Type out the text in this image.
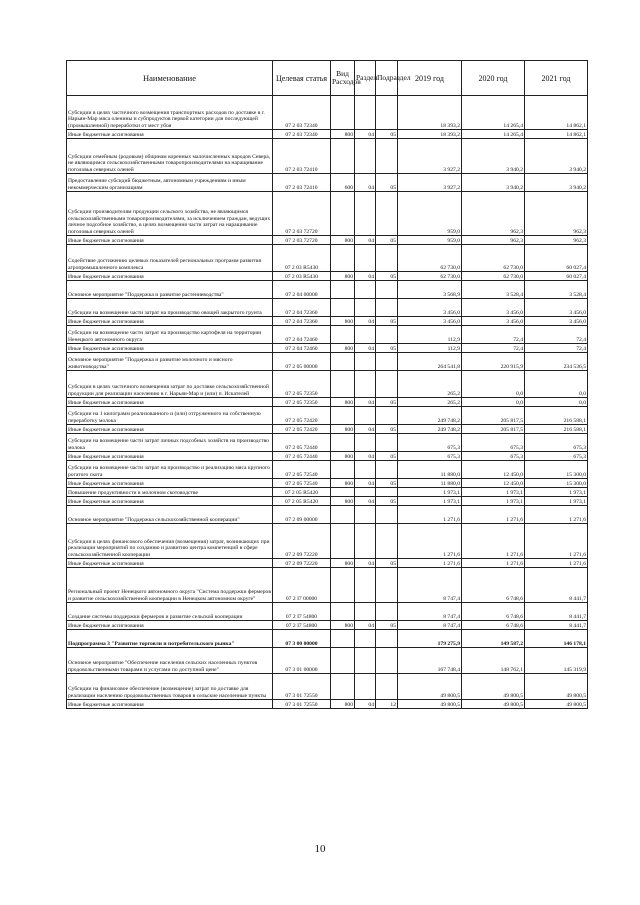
Наименование	Целевая статья	Вид Расходов	Раздел	Подраздел	2019 год	2020 год	2021 год
Субсидии в целях частичного возмещения транспортных расходов по доставке в г. Нарьян-Мар мяса оленины и субпродуктов первой категории для последующей (промышленной) переработки от мест убоя	07 2 03 72340				18 393,2	14 265,4	14 862,1
Иные бюджетные ассигнования	07 2 03 72340	800	04	05	18 393,2	14 265,4	14 862,1
Субсидии семейным (родовым) общинам коренных малочисленных народов Севера, не являющимся сельскохозяйственными товаропроизводителями на наращивание поголовья северных оленей	07 2 03 72410				3 927,2	3 940,2	3 940,2
Предоставление субсидий бюджетным, автономным учреждениям и иным некоммерческим организациям	07 2 03 72410	600	04	05	3 927,2	3 940,2	3 940,2
Субсидии производителям продукции сельского хозяйства, не являющимся сельскохозяйственными товаропроизводителями, за исключением граждан, ведущих личное подсобное хозяйство, в целях возмещения части затрат на наращивание поголовья северных оленей	07 2 03 72720				959,0	962,3	962,3
Иные бюджетные ассигнования	07 2 03 72720	800	04	05	959,0	962,3	962,3
Содействие достижению целевых показателей региональных программ развития агропромышленного комплекса	07 2 03 R5430				62 730,0	62 730,0	60 027,4
Иные бюджетные ассигнования	07 2 03 R5430	800	04	05	62 730,0	62 730,0	60 027,4
Основное мероприятие "Поддержка и развитие растениеводства"	07 2 04 00000				3 568,9	3 528,4	3 528,4
Субсидии на возмещение части затрат на производство овощей закрытого грунта	07 2 04 72360				3 456,0	3 456,0	3 456,0
Иные бюджетные ассигнования	07 2 04 72360	800	04	05	3 456,0	3 456,0	3 456,0
Субсидии на возмещение части затрат на производство картофеля на территории Ненецкого автономного округа	07 2 04 72460				112,9	72,4	72,4
Иные бюджетные ассигнования	07 2 04 72460	800	04	05	112,9	72,4	72,4
Основное мероприятие "Поддержка и развитие молочного и мясного животноводства"	07 2 05 00000				264 541,8	220 915,9	234 536,5
Субсидии в целях частичного возмещения затрат по доставке сельскохозяйственной продукции для реализации населению в г. Нарьян-Мар и (или) п. Искателей	07 2 05 72350				265,2	0,0	0,0
Иные бюджетные ассигнования	07 2 05 72350	800	04	05	265,2	0,0	0,0
Субсидии на 1 килограмм реализованного и (или) отгруженного на собственную переработку молока	07 2 05 72420				249 748,2	205 817,5	216 588,1
Иные бюджетные ассигнования	07 2 05 72420	800	04	05	249 748,2	205 817,5	216 588,1
Субсидии на возмещение части затрат личных подсобных хозяйств на производство молока	07 2 05 72440				675,3	675,3	675,3
Иные бюджетные ассигнования	07 2 05 72440	800	04	05	675,3	675,3	675,3
Субсидии на возмещение части затрат на производство и реализацию мяса крупного рогатого скота	07 2 05 72540				11 880,0	12 450,0	15 300,0
Иные бюджетные ассигнования	07 2 05 72540	800	04	05	11 880,0	12 450,0	15 300,0
Повышение продуктивности в молочном скотоводстве	07 2 05 R5420				1 973,1	1 973,1	1 973,1
Иные бюджетные ассигнования	07 2 05 R5420	800	04	05	1 973,1	1 973,1	1 973,1
Основное мероприятие "Поддержка сельскохозяйственной кооперации"	07 2 09 00000				1 271,6	1 271,6	1 271,6
Субсидии в целях финансового обеспечения (возмещения) затрат, возникающих при реализации мероприятий по созданию и развитию центра компетенций в сфере сельскохозяйственной кооперации	07 2 09 72220				1 271,6	1 271,6	1 271,6
Иные бюджетные ассигнования	07 2 09 72220	800	04	05	1 271,6	1 271,6	1 271,6
Региональный проект Ненецкого автономного округа "Система поддержки фермеров и развитие сельскохозяйственной кооперации в Ненецком автономном округе"	07 2 I7 00000				8 747,4	6 748,6	8 441,7
Создание системы поддержки фермеров и развитие сельской кооперации	07 2 I7 54800				8 747,4	6 748,6	8 441,7
Иные бюджетные ассигнования	07 2 I7 54800	800	04	05	8 747,4	6 748,6	8 441,7
Подпрограмма 3 "Развитие торговли и потребительского рынка"	07 3 00 00000				179 275,9	149 587,2	146 178,1
Основное мероприятие "Обеспечение населения сельских населенных пунктов продовольственными товарами и услугами по доступной цене"	07 3 01 00000				167 748,4	148 762,1	145 319,9
Субсидии на финансовое обеспечение (возмещение) затрат по доставке для реализации населению продовольственных товаров в сельские населенные пункты	07 3 01 72550				49 800,5	49 800,5	49 800,5
Иные бюджетные ассигнования	07 3 01 72550	800	04	12	49 800,5	49 800,5	49 800,5
10
